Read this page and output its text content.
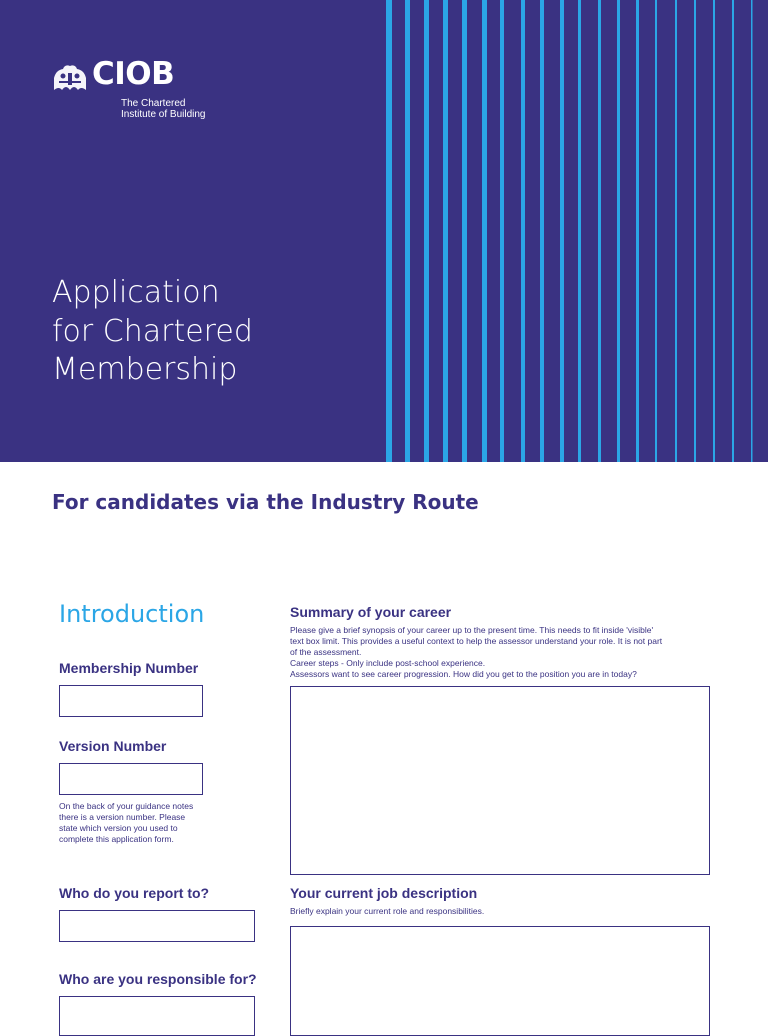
CIOB
The Chartered
Institute of Building
Application
for Chartered
Membership
For candidates via the Industry Route
Introduction
Membership Number
Version Number
On the back of your guidance notes
there is a version number. Please
state which version you used to
complete this application form.
Who do you report to?
Who are you responsible for?
Summary of your career
Please give a brief synopsis of your career up to the present time. This needs to fit inside 'visible'
text box limit. This provides a useful context to help the assessor understand your role. It is not part
of the assessment.
Career steps - Only include post-school experience.
Assessors want to see career progression. How did you get to the position you are in today?
Your current job description
Briefly explain your current role and responsibilities.
